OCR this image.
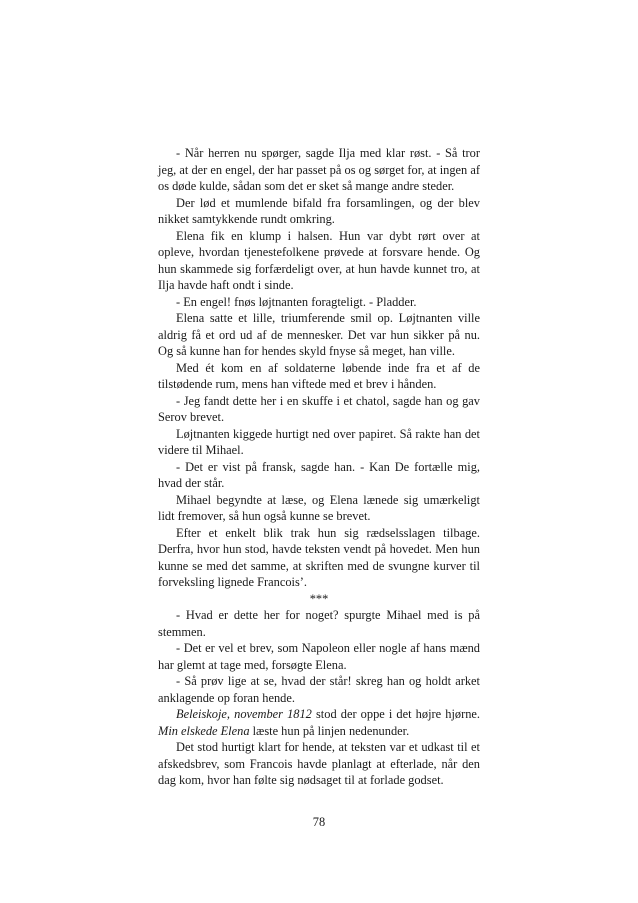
- Når herren nu spørger, sagde Ilja med klar røst. - Så tror jeg, at der en engel, der har passet på os og sørget for, at ingen af os døde kulde, sådan som det er sket så mange andre steder.

Der lød et mumlende bifald fra forsamlingen, og der blev nikket samtykkende rundt omkring.

Elena fik en klump i halsen. Hun var dybt rørt over at opleve, hvordan tjenestefolkene prøvede at forsvare hende. Og hun skammede sig forfærdeligt over, at hun havde kunnet tro, at Ilja havde haft ondt i sinde.

- En engel! fnøs løjtnanten foragteligt. - Pladder.

Elena satte et lille, triumferende smil op. Løjtnanten ville aldrig få et ord ud af de mennesker. Det var hun sikker på nu. Og så kunne han for hendes skyld fnyse så meget, han ville.

Med ét kom en af soldaterne løbende inde fra et af de tilstødende rum, mens han viftede med et brev i hånden.

- Jeg fandt dette her i en skuffe i et chatol, sagde han og gav Serov brevet.

Løjtnanten kiggede hurtigt ned over papiret. Så rakte han det videre til Mihael.

- Det er vist på fransk, sagde han. - Kan De fortælle mig, hvad der står.

Mihael begyndte at læse, og Elena lænede sig umærkeligt lidt fremover, så hun også kunne se brevet.

Efter et enkelt blik trak hun sig rædselsslagen tilbage. Derfra, hvor hun stod, havde teksten vendt på hovedet. Men hun kunne se med det samme, at skriften med de svungne kurver til forveksling lignede Francois’.

***

- Hvad er dette her for noget? spurgte Mihael med is på stemmen.

- Det er vel et brev, som Napoleon eller nogle af hans mænd har glemt at tage med, forsøgte Elena.

- Så prøv lige at se, hvad der står! skreg han og holdt arket anklagende op foran hende.

Beleiskoje, november 1812 stod der oppe i det højre hjørne. Min elskede Elena læste hun på linjen nedenunder.

Det stod hurtigt klart for hende, at teksten var et udkast til et afskedsbrev, som Francois havde planlagt at efterlade, når den dag kom, hvor han følte sig nødsaget til at forlade godset.

78
